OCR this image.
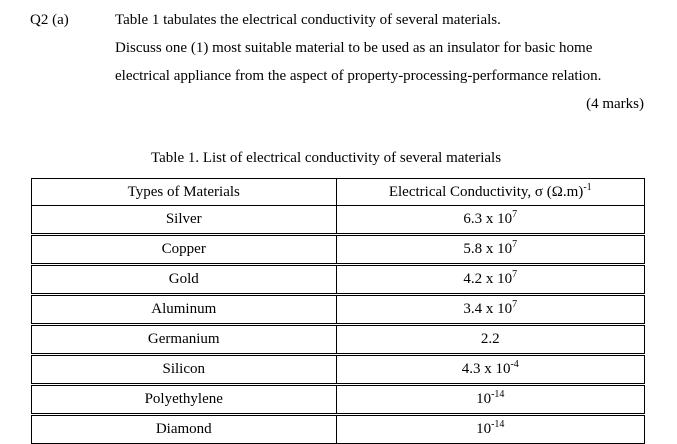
Q2 (a)	Table 1 tabulates the electrical conductivity of several materials.
Discuss one (1) most suitable material to be used as an insulator for basic home
electrical appliance from the aspect of property-processing-performance relation.
(4 marks)
Table 1. List of electrical conductivity of several materials
Types of Materials	Electrical Conductivity, σ $(\Omega.m)^{-1}$
Silver	6.3 x $10^7$
Copper	5.8 x $10^7$
Gold	4.2 x $10^7$
Aluminum	3.4 x $10^7$
Germanium	2.2
Silicon	4.3 x $10^{-4}$
Polyethylene	$10^{-14}$
Diamond	$10^{-14}$
